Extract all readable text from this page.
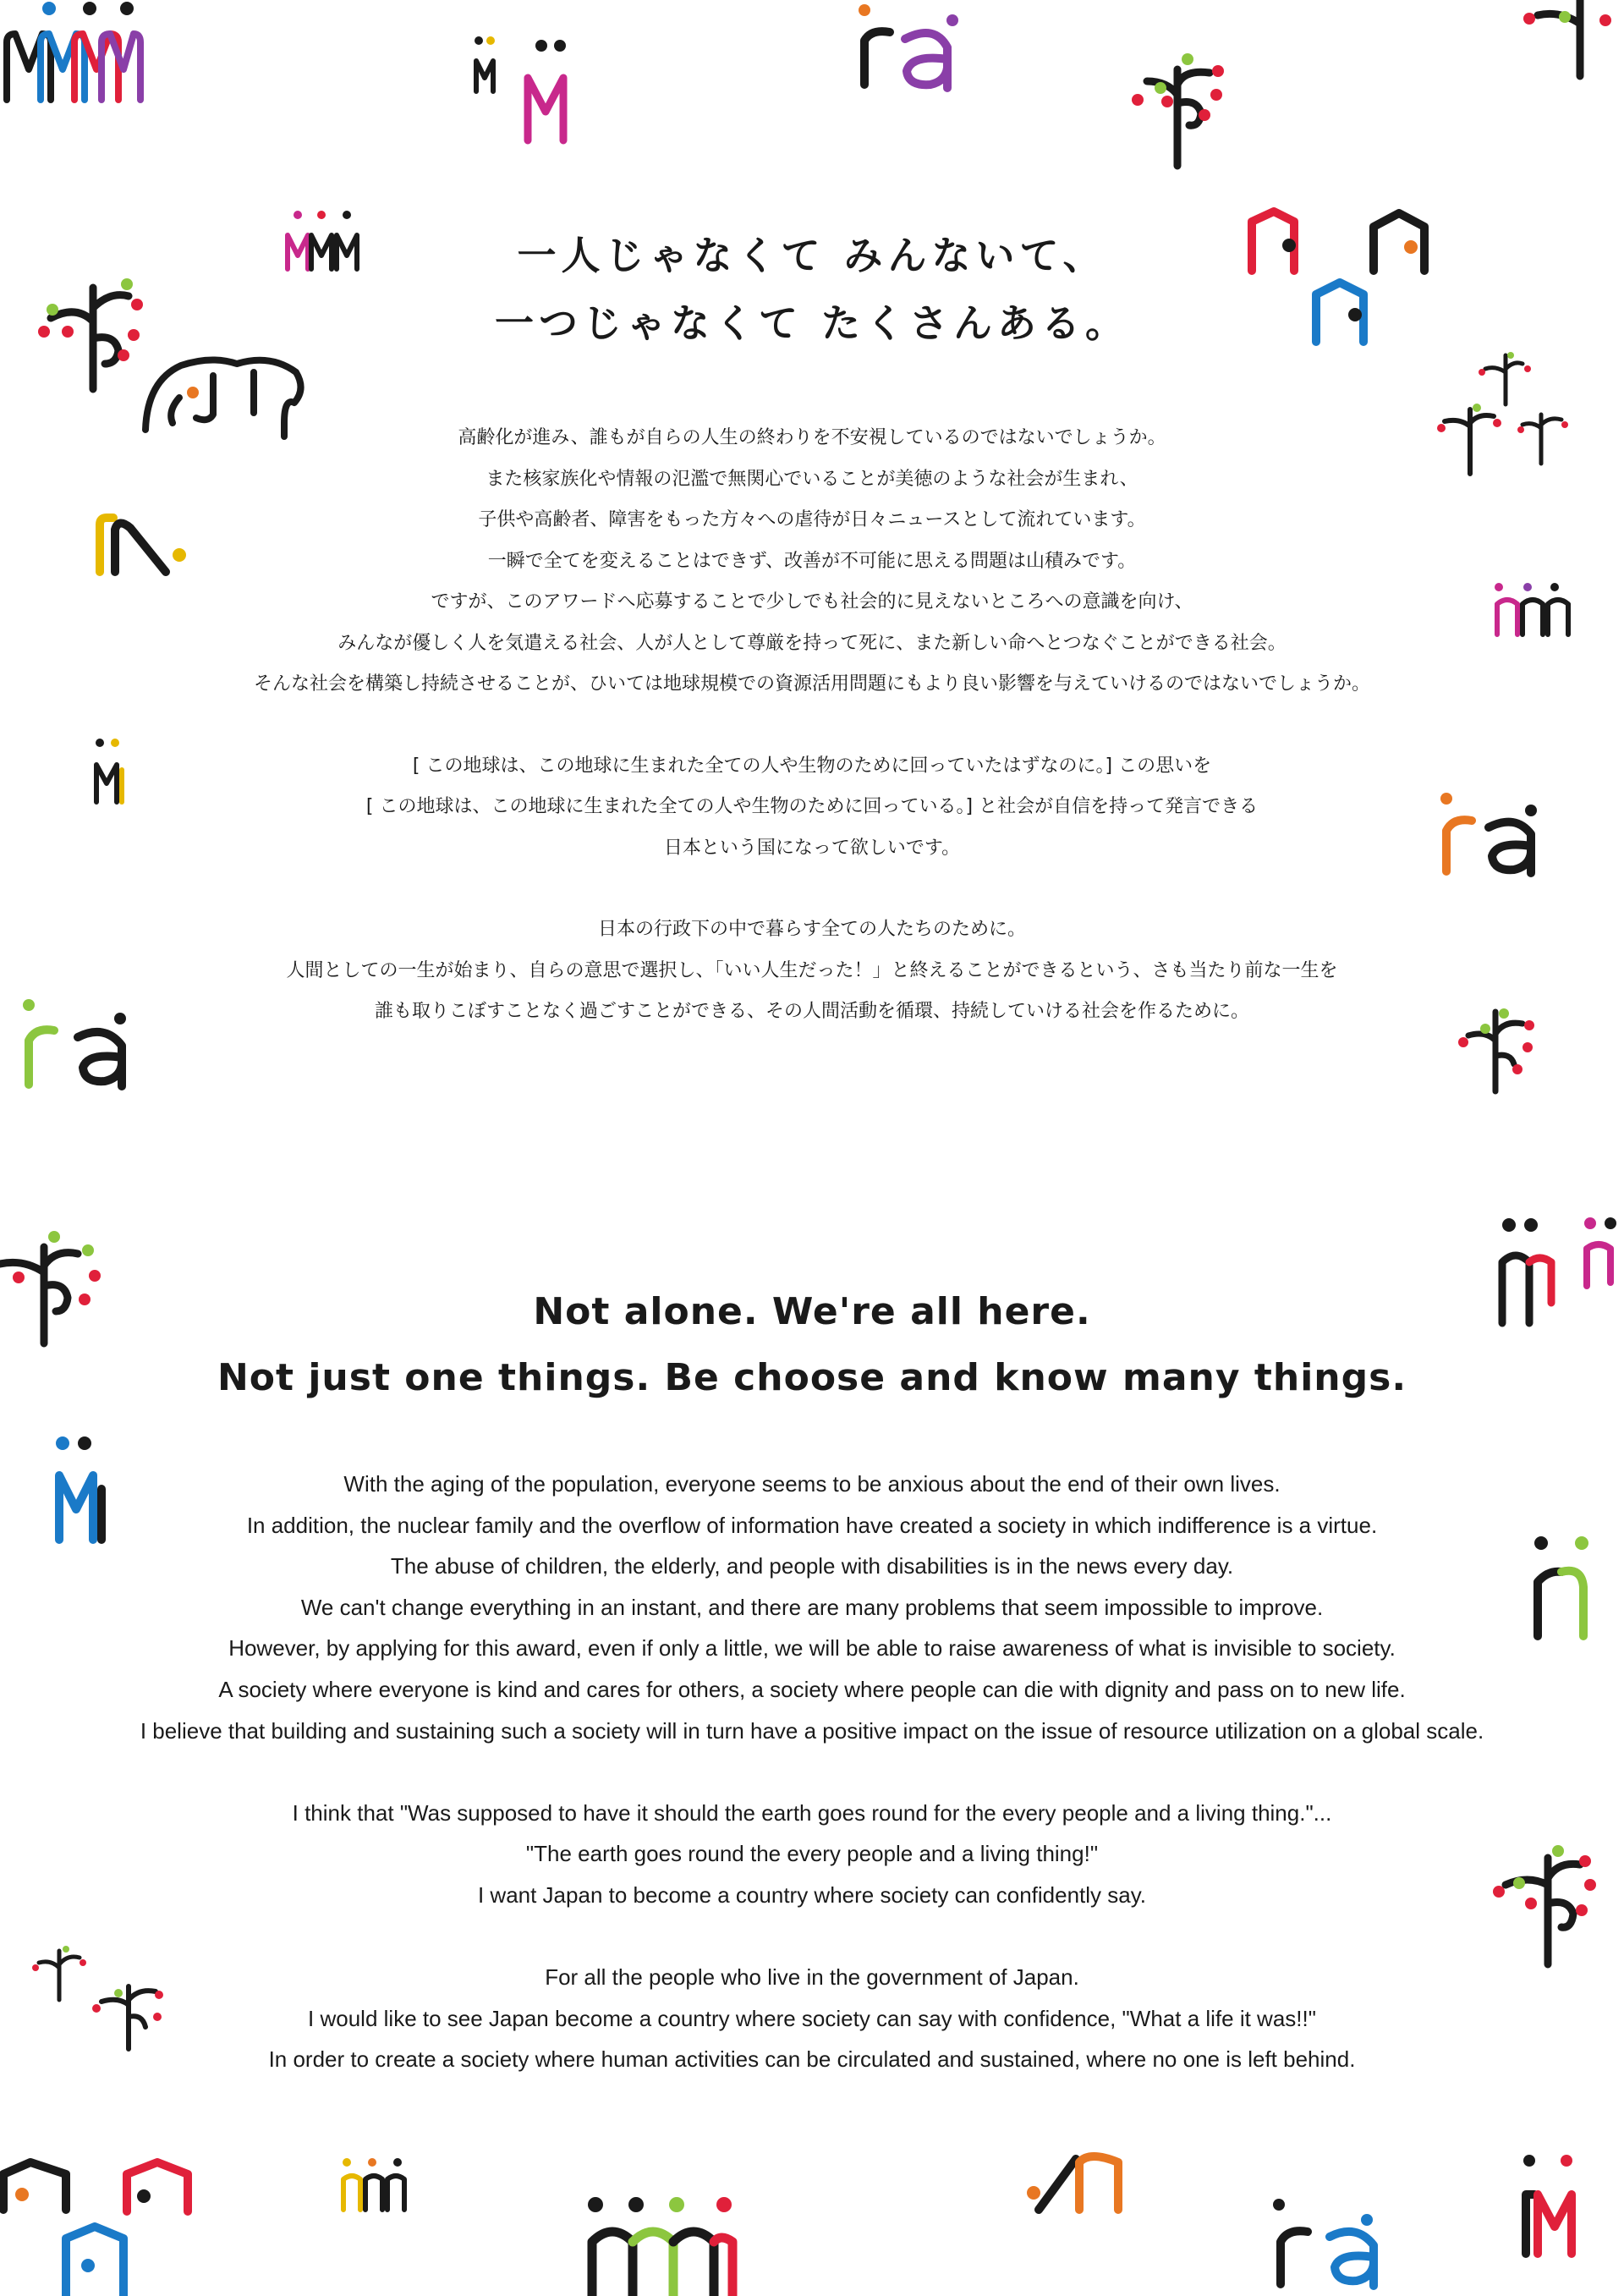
一人じゃなくて みんないて、
一つじゃなくて たくさんある。
高齢化が進み、誰もが自らの人生の終わりを不安視しているのではないでしょうか。
また核家族化や情報の氾濫で無関心でいることが美徳のような社会が生まれ、
子供や高齢者、障害をもった方々への虐待が日々ニュースとして流れています。
一瞬で全てを変えることはできず、改善が不可能に思える問題は山積みです。
ですが、このアワードへ応募することで少しでも社会的に見えないところへの意識を向け、
みんなが優しく人を気遣える社会、人が人として尊厳を持って死に、また新しい命へとつなぐことができる社会。
そんな社会を構築し持続させることが、ひいては地球規模での資源活用問題にもより良い影響を与えていけるのではないでしょうか。
[ この地球は、この地球に生まれた全ての人や生物のために回っていたはずなのに。] この思いを
[ この地球は、この地球に生まれた全ての人や生物のために回っている。] と社会が自信を持って発言できる
日本という国になって欲しいです。
日本の行政下の中で暮らす全ての人たちのために。
人間としての一生が始まり、自らの意思で選択し、「いい人生だった！」と終えることができるという、さも当たり前な一生を
誰も取りこぼすことなく過ごすことができる、その人間活動を循環、持続していける社会を作るために。
Not alone. We're all here.
Not just one things. Be choose and know many things.
With the aging of the population, everyone seems to be anxious about the end of their own lives.
In addition, the nuclear family and the overflow of information have created a society in which indifference is a virtue.
The abuse of children, the elderly, and people with disabilities is in the news every day.
We can't change everything in an instant, and there are many problems that seem impossible to improve.
However, by applying for this award, even if only a little, we will be able to raise awareness of what is invisible to society.
A society where everyone is kind and cares for others, a society where people can die with dignity and pass on to new life.
I believe that building and sustaining such a society will in turn have a positive impact on the issue of resource utilization on a global scale.
I think that "Was supposed to have it should the earth goes round for the every people and a living thing."...
"The earth goes round the every people and a living thing!"
I want Japan to become a country where society can confidently say.
For all the people who live in the government of Japan.
I would like to see Japan become a country where society can say with confidence, "What a life it was!!"
In order to create a society where human activities can be circulated and sustained, where no one is left behind.
